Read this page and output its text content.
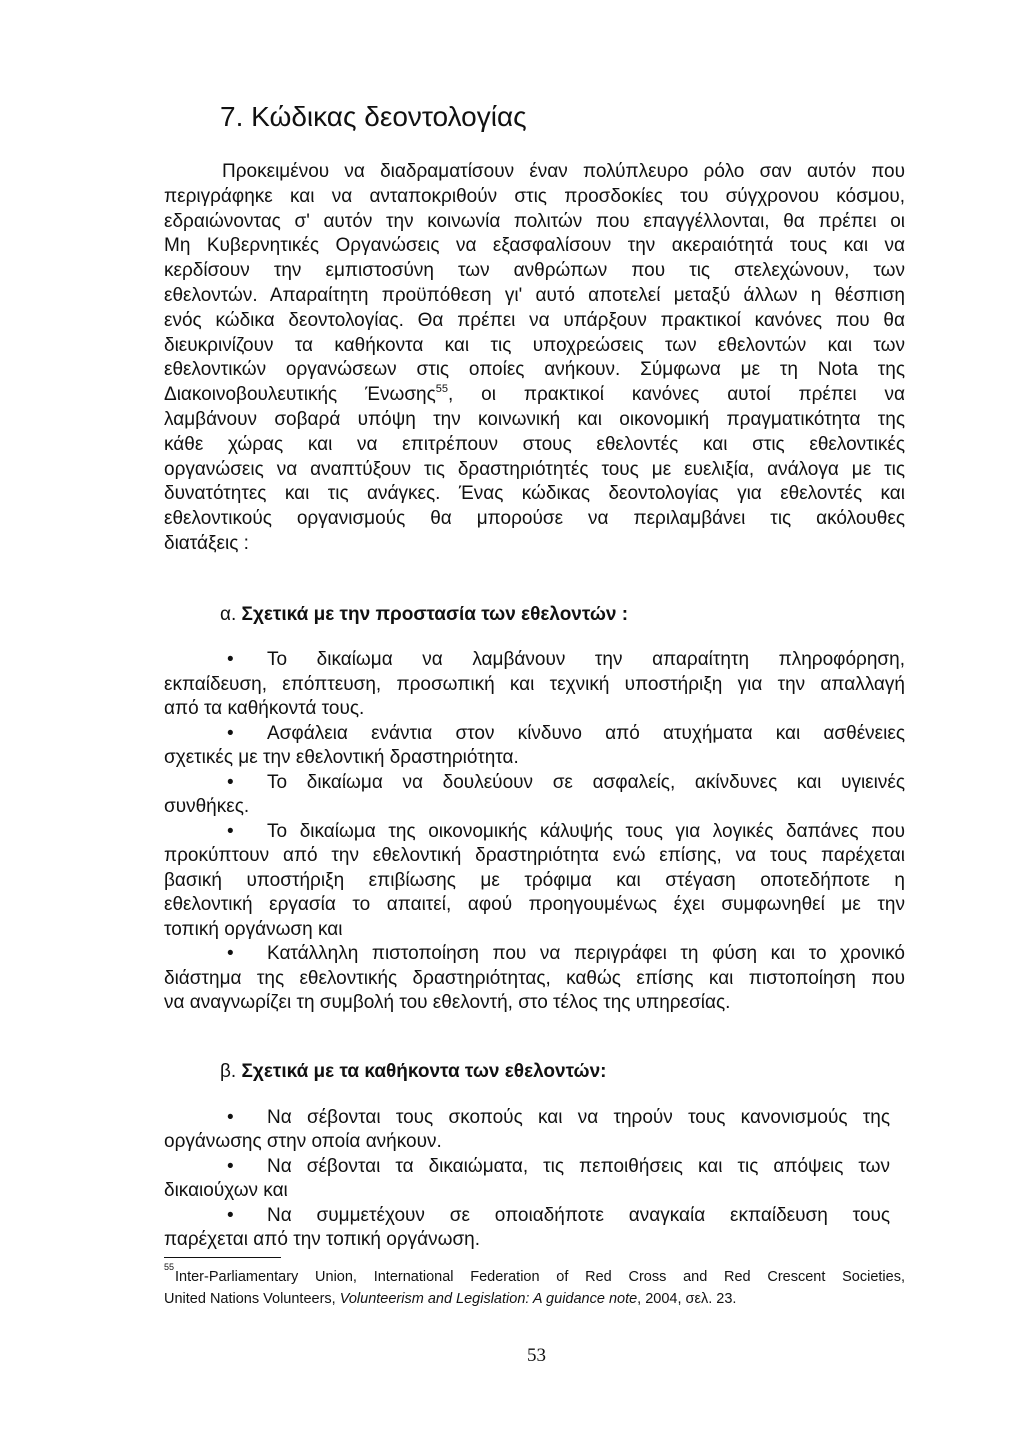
7. Κώδικας δεοντολογίας
Προκειμένου να διαδραματίσουν έναν πολύπλευρο ρόλο σαν αυτόν που
περιγράφηκε και να ανταποκριθούν στις προσδοκίες του σύγχρονου κόσμου,
εδραιώνοντας σ' αυτόν την κοινωνία πολιτών που επαγγέλλονται, θα πρέπει οι
Μη Κυβερνητικές Οργανώσεις να εξασφαλίσουν την ακεραιότητά τους και να
κερδίσουν την εμπιστοσύνη των ανθρώπων που τις στελεχώνουν, των
εθελοντών. Απαραίτητη προϋπόθεση γι' αυτό αποτελεί μεταξύ άλλων η θέσπιση
ενός κώδικα δεοντολογίας. Θα πρέπει να υπάρξουν πρακτικοί κανόνες που θα
διευκρινίζουν τα καθήκοντα και τις υποχρεώσεις των εθελοντών και των
εθελοντικών οργανώσεων στις οποίες ανήκουν. Σύμφωνα με τη Nota της
Διακοινοβουλευτικής Ένωσης$^{55}$, οι πρακτικοί κανόνες αυτοί πρέπει να
λαμβάνουν σοβαρά υπόψη την κοινωνική και οικονομική πραγματικότητα της
κάθε χώρας και να επιτρέπουν στους εθελοντές και στις εθελοντικές
οργανώσεις να αναπτύξουν τις δραστηριότητές τους με ευελιξία, ανάλογα με τις
δυνατότητες και τις ανάγκες. Ένας κώδικας δεοντολογίας για εθελοντές και
εθελοντικούς οργανισμούς θα μπορούσε να περιλαμβάνει τις ακόλουθες
διατάξεις :
α. Σχετικά με την προστασία των εθελοντών :
• Το δικαίωμα να λαμβάνουν την απαραίτητη πληροφόρηση,
εκπαίδευση, επόπτευση, προσωπική και τεχνική υποστήριξη για την απαλλαγή
από τα καθήκοντά τους.
• Ασφάλεια ενάντια στον κίνδυνο από ατυχήματα και ασθένειες
σχετικές με την εθελοντική δραστηριότητα.
• Το δικαίωμα να δουλεύουν σε ασφαλείς, ακίνδυνες και υγιεινές
συνθήκες.
• Το δικαίωμα της οικονομικής κάλυψής τους για λογικές δαπάνες που
προκύπτουν από την εθελοντική δραστηριότητα ενώ επίσης, να τους παρέχεται
βασική υποστήριξη επιβίωσης με τρόφιμα και στέγαση οποτεδήποτε η
εθελοντική εργασία το απαιτεί, αφού προηγουμένως έχει συμφωνηθεί με την
τοπική οργάνωση και
• Κατάλληλη πιστοποίηση που να περιγράφει τη φύση και το χρονικό
διάστημα της εθελοντικής δραστηριότητας, καθώς επίσης και πιστοποίηση που
να αναγνωρίζει τη συμβολή του εθελοντή, στο τέλος της υπηρεσίας.
β. Σχετικά με τα καθήκοντα των εθελοντών:
• Να σέβονται τους σκοπούς και να τηρούν τους κανονισμούς της
οργάνωσης στην οποία ανήκουν.
• Να σέβονται τα δικαιώματα, τις πεποιθήσεις και τις απόψεις των
δικαιούχων και
• Να συμμετέχουν σε οποιαδήποτε αναγκαία εκπαίδευση τους
παρέχεται από την τοπική οργάνωση.
55
Inter-Parliamentary Union, International Federation of Red Cross and Red Crescent Societies,
United Nations Volunteers, Volunteerism and Legislation: A guidance note, 2004, σελ. 23.
53
